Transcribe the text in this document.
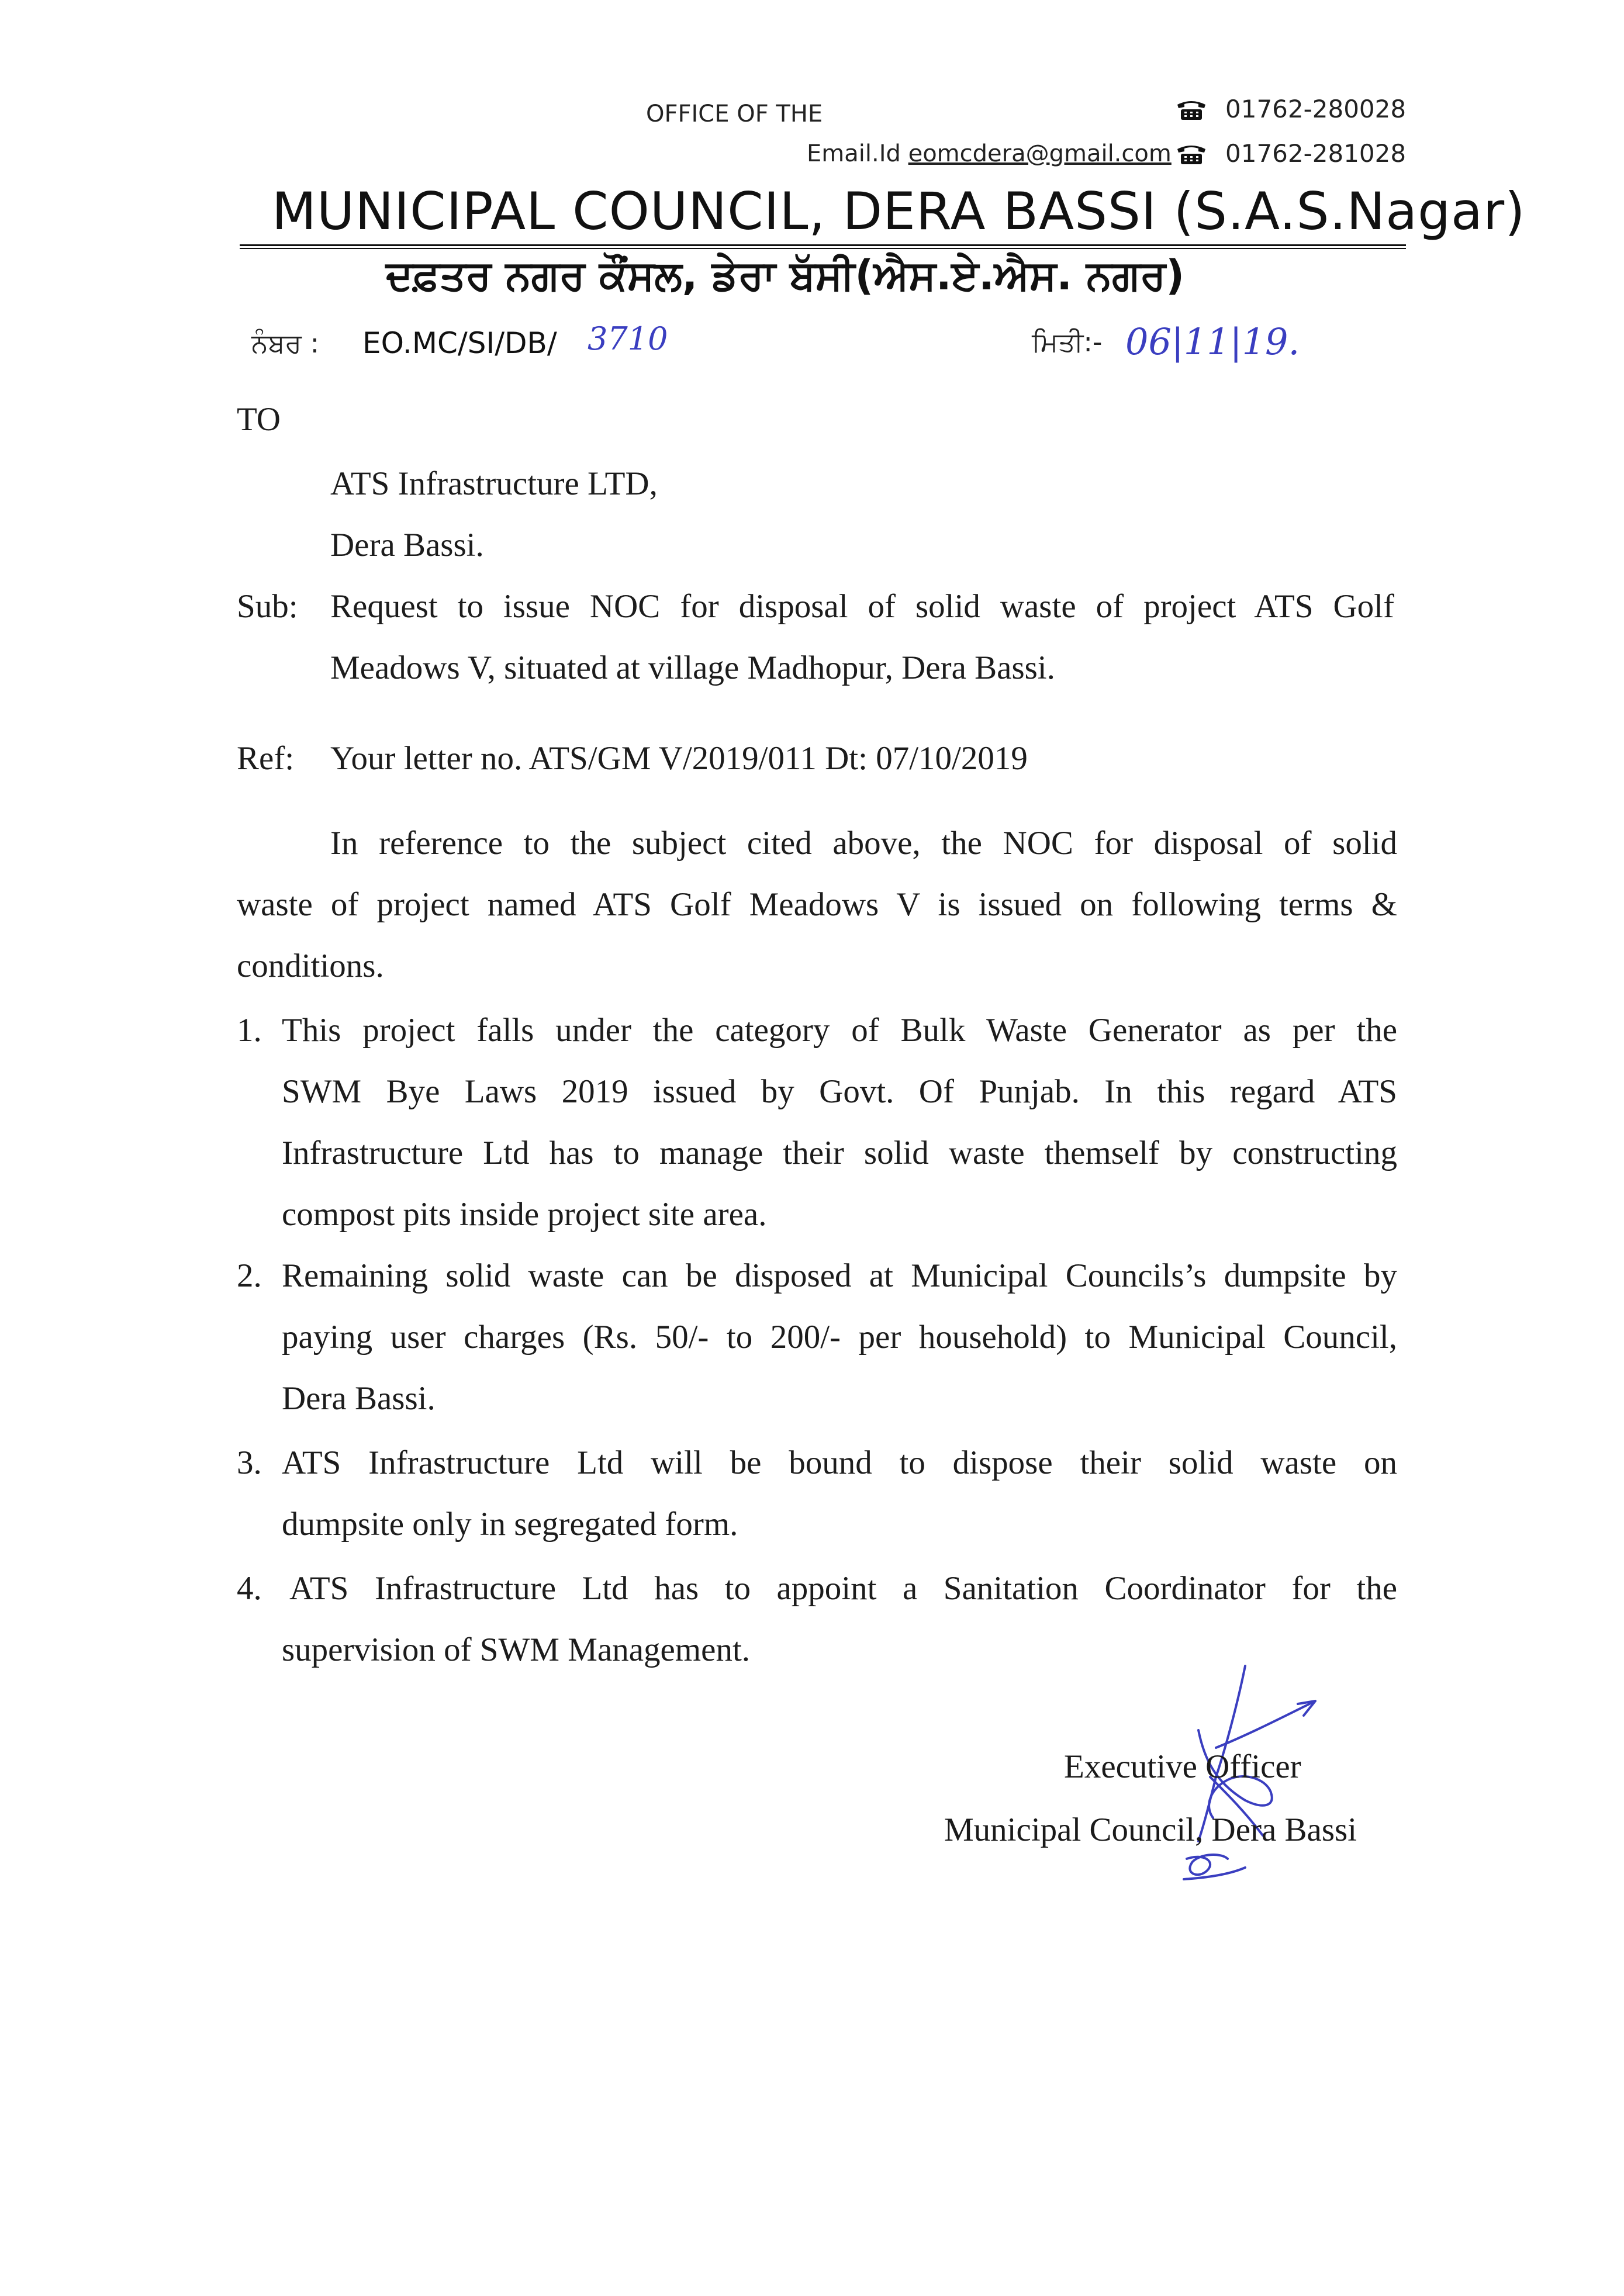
OFFICE OF THE	01762-280028
Email.Id eomcdera@gmail.com 01762-281028
MUNICIPAL COUNCIL, DERA BASSI (S.A.S.Nagar)
ਦਫ਼ਤਰ ਨਗਰ ਕੌਂਸਲ, ਡੇਰਾ ਬੱਸੀ(ਐਸ.ਏ.ਐਸ. ਨਗਰ)
ਨੰਬਰ : EO.MC/SI/DB/ 3710	ਮਿਤੀ:- 06|11|19.
TO
ATS Infrastructure LTD,
Dera Bassi.
Sub: Request to issue NOC for disposal of solid waste of project ATS Golf
Meadows V, situated at village Madhopur, Dera Bassi.
Ref: Your letter no. ATS/GM V/2019/011 Dt: 07/10/2019
In reference to the subject cited above, the NOC for disposal of solid
waste of project named ATS Golf Meadows V is issued on following terms &
conditions.
1. This project falls under the category of Bulk Waste Generator as per the
SWM Bye Laws 2019 issued by Govt. Of Punjab. In this regard ATS
Infrastructure Ltd has to manage their solid waste themself by constructing
compost pits inside project site area.
2. Remaining solid waste can be disposed at Municipal Councils’s dumpsite by
paying user charges (Rs. 50/- to 200/- per household) to Municipal Council,
Dera Bassi.
3. ATS Infrastructure Ltd will be bound to dispose their solid waste on
dumpsite only in segregated form.
4. ATS Infrastructure Ltd has to appoint a Sanitation Coordinator for the
supervision of SWM Management.
Executive Officer
Municipal Council, Dera Bassi
